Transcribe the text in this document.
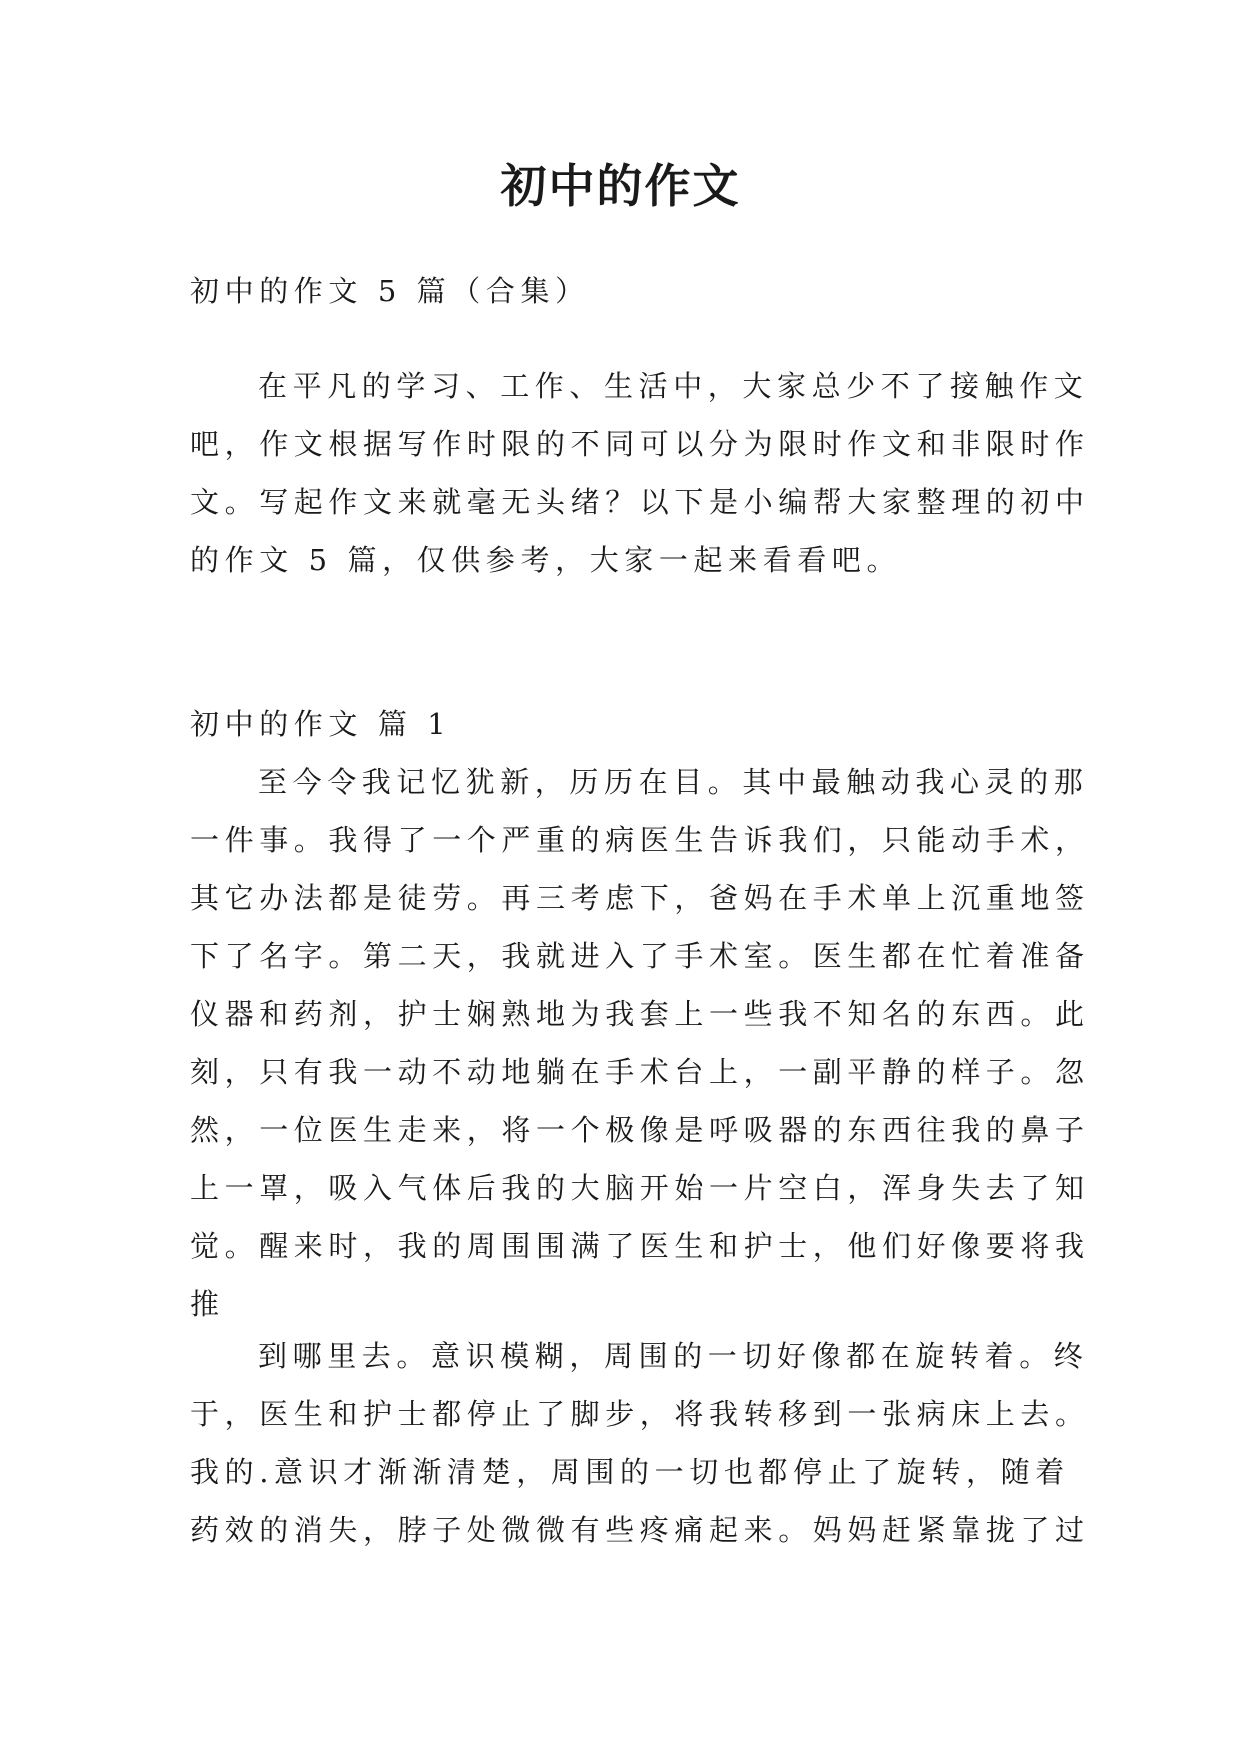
初中的作文

初中的作文 5 篇（合集）

在平凡的学习、工作、生活中，大家总少不了接触作文
吧，作文根据写作时限的不同可以分为限时作文和非限时作
文。写起作文来就毫无头绪？以下是小编帮大家整理的初中
的作文 5 篇，仅供参考，大家一起来看看吧。

初中的作文 篇 1

至今令我记忆犹新，历历在目。其中最触动我心灵的那
一件事。我得了一个严重的病医生告诉我们，只能动手术，
其它办法都是徒劳。再三考虑下，爸妈在手术单上沉重地签
下了名字。第二天，我就进入了手术室。医生都在忙着准备
仪器和药剂，护士娴熟地为我套上一些我不知名的东西。此
刻，只有我一动不动地躺在手术台上，一副平静的样子。忽
然，一位医生走来，将一个极像是呼吸器的东西往我的鼻子
上一罩，吸入气体后我的大脑开始一片空白，浑身失去了知
觉。醒来时，我的周围围满了医生和护士，他们好像要将我
推

到哪里去。意识模糊，周围的一切好像都在旋转着。终
于，医生和护士都停止了脚步，将我转移到一张病床上去。
我的.意识才渐渐清楚，周围的一切也都停止了旋转，随着
药效的消失，脖子处微微有些疼痛起来。妈妈赶紧靠拢了过
